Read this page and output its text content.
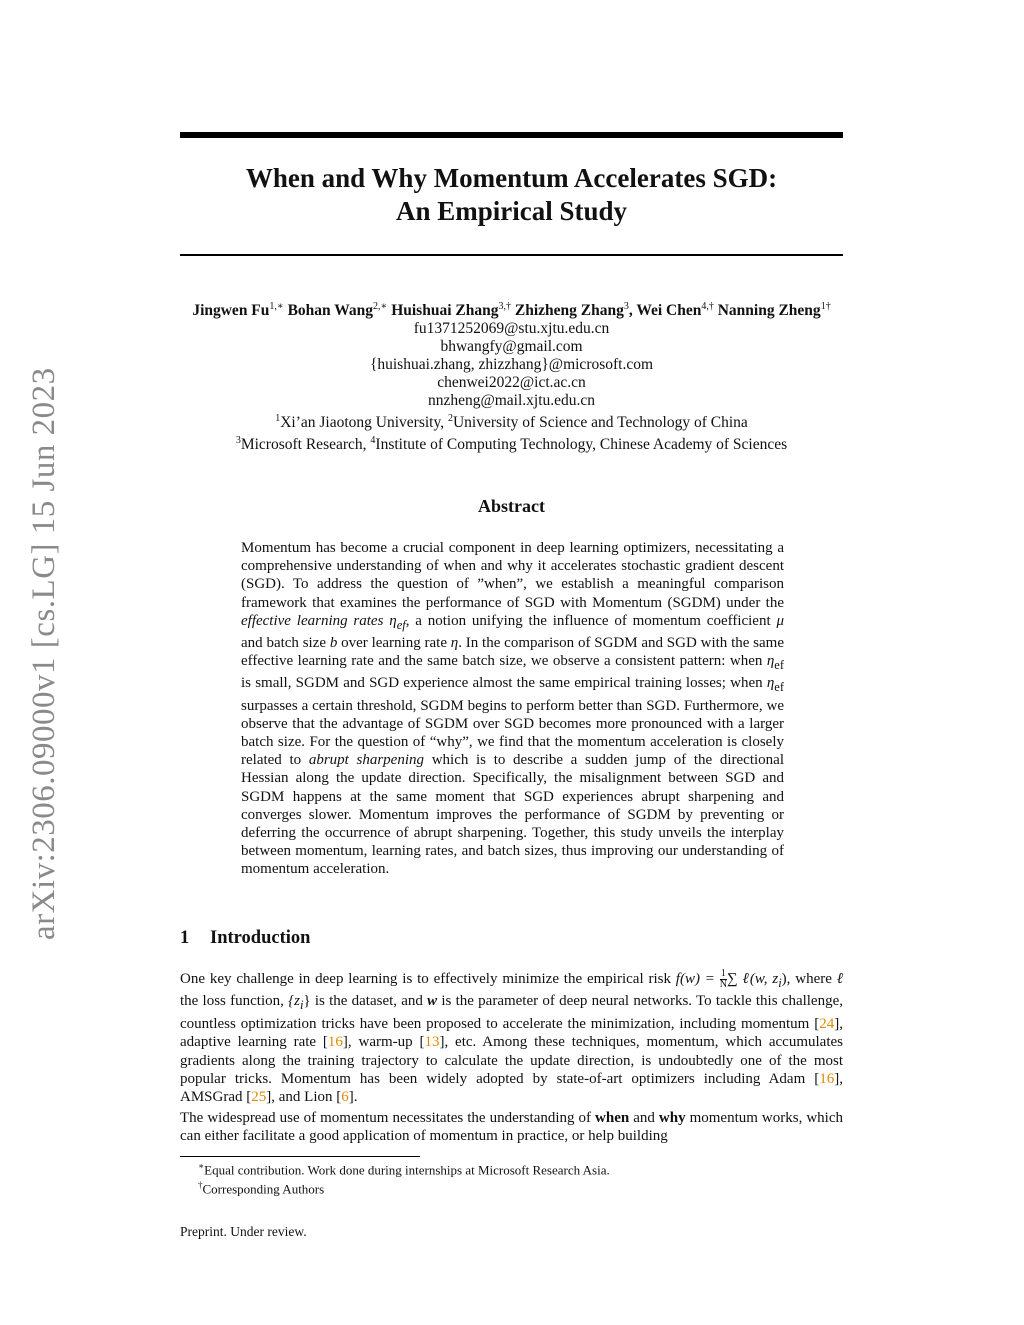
arXiv:2306.09000v1 [cs.LG] 15 Jun 2023
When and Why Momentum Accelerates SGD:
An Empirical Study
Jingwen $Fu^{1,∗}$ Bohan Wang$^{2,∗}$ Huishuai Zhang$^{3,\dagger}$ Zhizheng Zhang$^3$, Wei Chen$^{4,\dagger}$ Nanning Zheng$^{1\dagger}$
fu1371252069@stu.xjtu.edu.cn
bhwangfy@gmail.com
{huishuai.zhang, zhizzhang}@microsoft.com
chenwei2022@ict.ac.cn
nnzheng@mail.xjtu.edu.cn
$^1$Xi’an Jiaotong University, $^2$University of Science and Technology of China
$^3$Microsoft Research, $^4$Institute of Computing Technology, Chinese Academy of Sciences
Abstract
Momentum has become a crucial component in deep learning optimizers, necessitating a comprehensive understanding of when and why it accelerates stochastic gradient descent (SGD). To address the question of ”when”, we establish a meaningful comparison framework that examines the performance of SGD with Momentum (SGDM) under the effective learning rates $\eta_{ef}$, a notion unifying the influence of momentum coefficient μ and batch size b over learning rate η. In the comparison of SGDM and SGD with the same effective learning rate and the same batch size, we observe a consistent pattern: when $\eta_{ef}$ is small, SGDM and SGD experience almost the same empirical training losses; when $\eta_{ef}$ surpasses a certain threshold, SGDM begins to perform better than SGD. Furthermore, we observe that the advantage of SGDM over SGD becomes more pronounced with a larger batch size. For the question of “why”, we find that the momentum acceleration is closely related to abrupt sharpening which is to describe a sudden jump of the directional Hessian along the update direction. Specifically, the misalignment between SGD and SGDM happens at the same moment that SGD experiences abrupt sharpening and converges slower. Momentum improves the performance of SGDM by preventing or deferring the occurrence of abrupt sharpening. Together, this study unveils the interplay between momentum, learning rates, and batch sizes, thus improving our understanding of momentum acceleration.
1 Introduction
One key challenge in deep learning is to effectively minimize the empirical risk $f(w) = \frac{1}{N}$ ∑ ℓ(w, $z_i$), where ℓ the loss function, $\{z_i\}$ is the dataset, and w is the parameter of deep neural networks. To tackle this challenge, countless optimization tricks have been proposed to accelerate the minimization, including momentum [24], adaptive learning rate [16], warm-up [13], etc. Among these techniques, momentum, which accumulates gradients along the training trajectory to calculate the update direction, is undoubtedly one of the most popular tricks. Momentum has been widely adopted by state-of-art optimizers including Adam [16], AMSGrad [25], and Lion [6].
The widespread use of momentum necessitates the understanding of when and why momentum works, which can either facilitate a good application of momentum in practice, or help building
∗Equal contribution. Work done during internships at Microsoft Research Asia.
†Corresponding Authors
Preprint. Under review.
